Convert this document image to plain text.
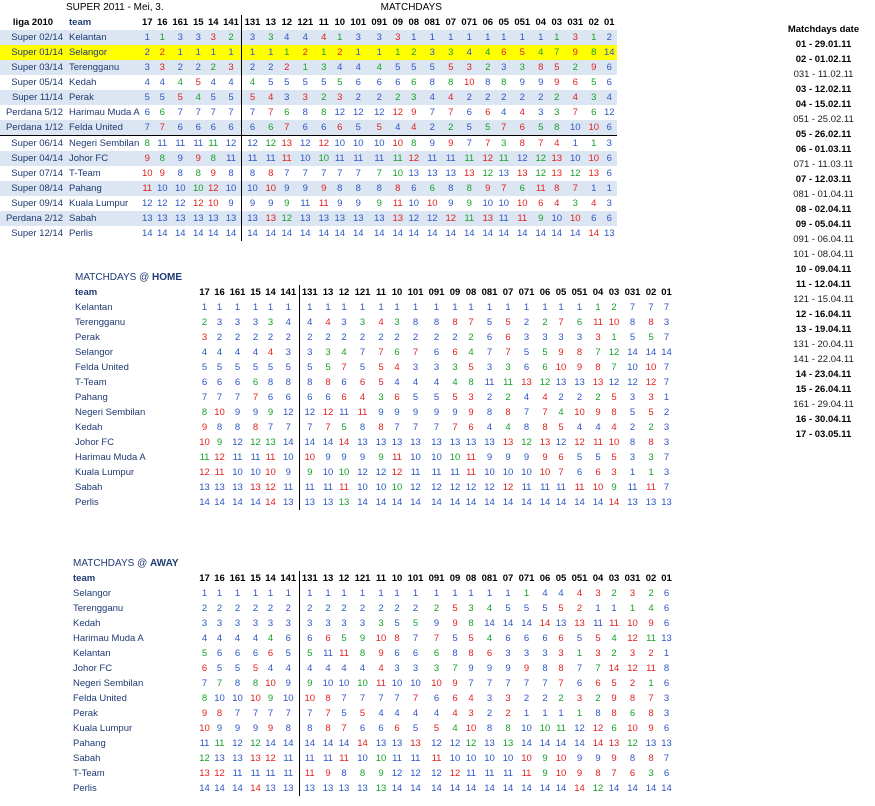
	SUPER 2011 - Mei, 3.					MATCHDAYS																						
liga 2010	team	17	16	161	15	14	141	131	13	12	121	11	10	101	091	09	08	081	07	071	06	05	051	04	03	031	02	01
Super 02/14	Kelantan	1	1	3	3	3	2	3	3	4	4	4	1	3	3	3	1	1	1	1	1	1	1	1	1	3	1	2
Super 01/14	Selangor	2	2	1	1	1	1	1	1	1	2	1	2	1	1	1	2	3	3	4	4	6	5	4	7	9	8	14
Super 03/14	Terengganu	3	3	2	2	2	3	2	2	2	1	3	4	4	4	5	5	5	5	3	2	3	3	8	5	2	9	6
Super 05/14	Kedah	4	4	4	5	4	4	4	5	5	5	5	5	6	6	6	6	8	8	10	8	8	9	9	9	6	5	6
Super 11/14	Perak	5	5	5	4	5	5	5	4	3	3	2	3	2	2	2	3	4	4	2	2	2	2	2	2	4	3	4
Perdana 5/12	Harimau Muda A	6	6	7	7	7	7	7	7	6	8	8	12	12	12	12	9	7	7	6	6	4	4	3	3	7	6	12
Perdana 1/12	Felda United	7	7	6	6	6	6	6	6	7	6	6	6	5	5	4	4	2	2	5	5	7	6	5	8	10	10	6
Super 06/14	Negeri Sembilan	8	11	11	11	11	12	12	12	13	12	12	10	10	10	10	8	9	9	7	7	3	8	7	4	1	1	3
Super 04/14	Johor FC	9	8	9	9	8	11	11	11	11	10	10	11	11	11	11	12	11	11	11	12	11	12	12	13	10	10	6
Super 07/14	T-Team	10	9	8	8	9	8	8	8	7	7	7	7	7	7	10	13	13	13	13	12	13	13	12	13	12	13	6
Super 08/14	Pahang	11	10	10	10	12	10	10	10	9	9	9	8	8	8	8	6	6	8	8	9	7	6	11	8	7	1	1
Super 09/14	Kuala Lumpur	12	12	12	12	10	9	9	9	9	11	11	9	9	9	11	10	10	9	9	10	10	10	6	4	3	4	3
Perdana 2/12	Sabah	13	13	13	13	13	13	13	13	12	13	13	13	13	13	13	12	12	12	11	13	11	11	9	10	10	6	6
Super 12/14	Perlis	14	14	14	14	14	14	14	14	14	14	14	14	14	14	14	14	14	14	14	14	14	14	14	14	14	14	13
Matchdays date
01 - 29.01.11
02 - 01.02.11
031 - 11.02.11
03 - 12.02.11
04 - 15.02.11
051 - 25.02.11
05 - 26.02.11
06 - 01.03.11
071 - 11.03.11
07 - 12.03.11
081 - 01.04.11
08 - 02.04.11
09 - 05.04.11
091 - 06.04.11
101 - 08.04.11
10 - 09.04.11
11 - 12.04.11
121 - 15.04.11
12 - 16.04.11
13 - 19.04.11
131 - 20.04.11
141 - 22.04.11
14 - 23.04.11
15 - 26.04.11
161 - 29.04.11
16 - 30.04.11
17 - 03.05.11
MATCHDAYS @ HOME																											
team	17	16	161	15	14	141	131	13	12	121	11	10	101	091	09	08	081	07	071	06	05	051	04	03	031	02	01
Kelantan	1	1	1	1	1	1	1	1	1	1	1	1	1	1	1	1	1	1	1	1	1	1	1	2	7	7	7
Terengganu	2	3	3	3	3	4	4	4	3	3	4	3	8	8	8	7	5	5	2	2	7	6	11	10	8	8	3
Perak	3	2	2	2	2	2	2	2	2	2	2	2	2	2	2	2	6	6	3	3	3	3	3	1	5	5	7
Selangor	4	4	4	4	4	3	3	3	4	7	7	6	7	6	6	4	7	7	5	5	9	8	7	12	14	14	14
Felda United	5	5	5	5	5	5	5	5	7	5	5	4	3	3	3	5	3	3	6	6	10	9	8	7	10	10	7
T-Team	6	6	6	6	8	8	8	8	6	6	5	4	4	4	4	8	11	11	13	12	13	13	13	12	12	12	7
Pahang	7	7	7	7	6	6	6	6	6	4	3	6	5	5	5	3	2	2	4	4	2	2	2	5	3	3	1
Negeri Sembilan	8	10	9	9	9	12	12	12	11	11	9	9	9	9	9	9	8	8	7	7	4	10	9	8	5	5	2
Kedah	9	8	8	8	7	7	7	7	5	8	8	7	7	7	7	6	4	4	8	8	5	4	4	4	2	2	3
Johor FC	10	9	12	12	13	14	14	14	14	13	13	13	13	13	13	13	13	13	12	13	12	12	11	10	8	8	3
Harimau Muda A	11	12	11	11	11	10	10	9	9	9	9	11	10	10	10	11	9	9	9	9	6	5	5	5	3	3	7
Kuala Lumpur	12	11	10	10	10	9	9	10	10	12	12	12	11	11	11	11	10	10	10	10	7	6	6	3	1	1	3
Sabah	13	13	13	13	12	11	11	11	11	10	10	10	12	12	12	12	12	12	11	11	11	11	10	9	11	11	7
Perlis	14	14	14	14	14	13	13	13	13	14	14	14	14	14	14	14	14	14	14	14	14	14	14	14	13	13	13
MATCHDAYS @ AWAY																											
team	17	16	161	15	14	141	131	13	12	121	11	10	101	091	09	08	081	07	071	06	05	051	04	03	031	02	01
Selangor	1	1	1	1	1	1	1	1	1	1	1	1	1	1	1	1	1	1	1	4	4	4	3	2	3	2	6
Terengganu	2	2	2	2	2	2	2	2	2	2	2	2	2	2	5	3	4	5	5	5	5	2	1	1	1	4	6
Kedah	3	3	3	3	3	3	3	3	3	3	3	5	5	9	9	8	14	14	14	14	13	13	11	11	10	9	6
Harimau Muda A	4	4	4	4	4	6	6	6	5	9	10	8	7	7	5	5	4	6	6	6	6	5	5	4	12	11	13
Kelantan	5	6	6	6	6	5	5	11	11	8	9	6	6	6	8	8	6	3	3	3	3	1	3	2	3	2	1
Johor FC	6	5	5	5	4	4	4	4	4	4	4	3	3	3	7	9	9	9	9	8	8	7	7	14	12	11	8
Negeri Sembilan	7	7	8	8	10	9	9	10	10	10	11	10	10	10	9	7	7	7	7	7	7	6	6	5	2	1	6
Felda United	8	10	10	10	9	10	10	8	7	7	7	7	7	6	6	4	3	3	2	2	2	3	2	9	8	7	3
Perak	9	8	7	7	7	7	7	7	5	5	4	4	4	4	4	3	2	2	1	1	1	1	8	8	6	8	3
Kuala Lumpur	10	9	9	9	9	8	8	8	7	6	6	6	5	5	4	10	8	8	10	10	11	12	12	6	10	9	6
Pahang	11	11	12	12	14	14	14	14	14	14	13	13	13	12	12	12	13	13	14	14	14	14	14	13	12	13	13
Sabah	12	13	13	13	12	11	11	11	11	10	10	11	11	11	10	10	10	10	10	9	10	9	9	9	8	8	7
T-Team	13	12	11	11	11	11	11	9	8	8	9	12	12	12	12	11	11	11	11	9	10	9	8	7	6	3	6
Perlis	14	14	14	14	13	13	13	13	13	13	13	14	14	14	14	14	14	14	14	14	14	14	12	14	14	14	14
